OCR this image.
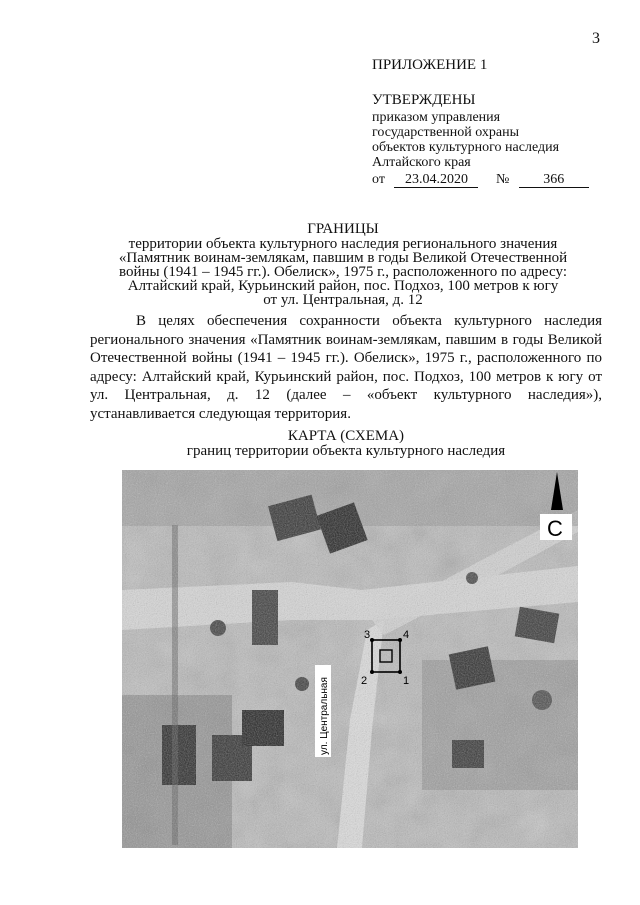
3
ПРИЛОЖЕНИЕ 1
УТВЕРЖДЕНЫ
приказом управления
государственной охраны
объектов культурного наследия
Алтайского края
от 23.04.2020 № 366
ГРАНИЦЫ
территории объекта культурного наследия регионального значения
«Памятник воинам-землякам, павшим в годы Великой Отечественной
войны (1941 – 1945 гг.). Обелиск», 1975 г., расположенного по адресу:
Алтайский край, Курьинский район, пос. Подхоз, 100 метров к югу
от ул. Центральная, д. 12
В целях обеспечения сохранности объекта культурного наследия регионального значения «Памятник воинам-землякам, павшим в годы Великой Отечественной войны (1941 – 1945 гг.). Обелиск», 1975 г., расположенного по адресу: Алтайский край, Курьинский район, пос. Подхоз, 100 метров к югу от ул. Центральная, д. 12 (далее – «объект культурного наследия»), устанавливается следующая территория.
КАРТА (СХЕМА)
границ территории объекта культурного наследия
1
2
3	4
ул. Центральная
С
